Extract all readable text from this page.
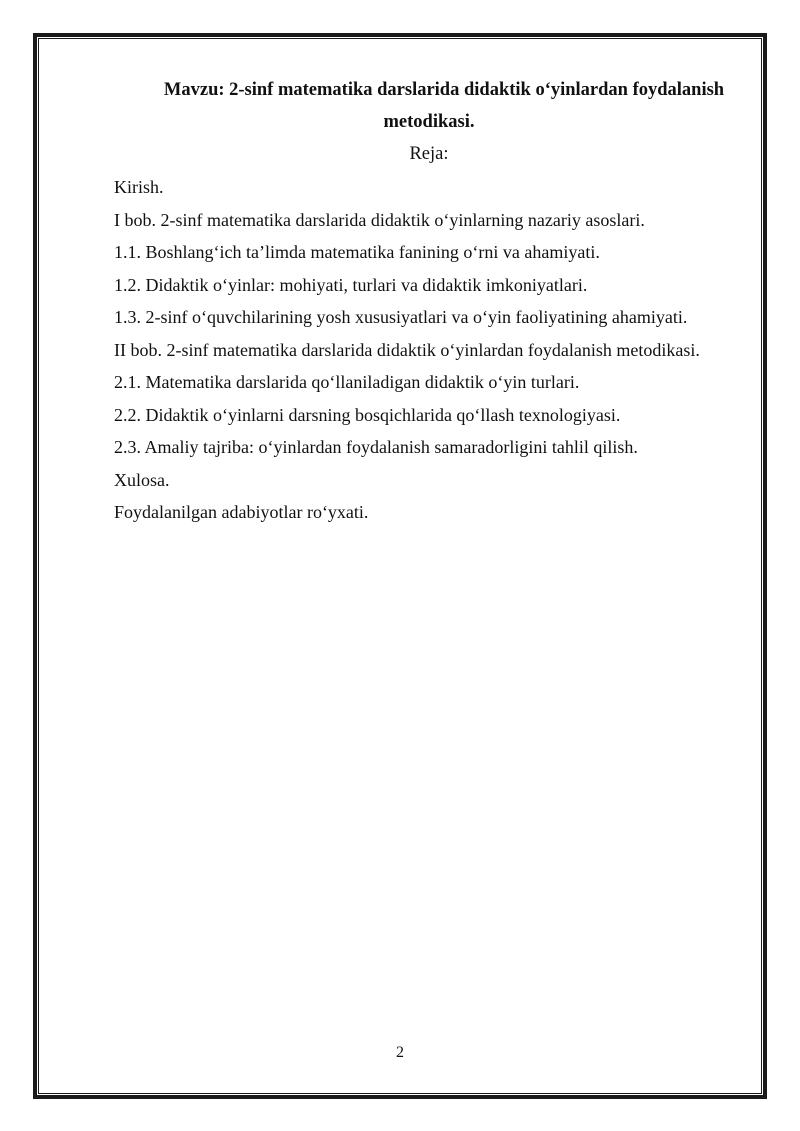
Mavzu: 2-sinf matematika darslarida didaktik o‘yinlardan foydalanish
metodikasi.

Reja:

Kirish.
I bob. 2-sinf matematika darslarida didaktik o‘yinlarning nazariy asoslari.
1.1. Boshlang‘ich ta’limda matematika fanining o‘rni va ahamiyati.
1.2. Didaktik o‘yinlar: mohiyati, turlari va didaktik imkoniyatlari.
1.3. 2-sinf o‘quvchilarining yosh xususiyatlari va o‘yin faoliyatining ahamiyati.
II bob. 2-sinf matematika darslarida didaktik o‘yinlardan foydalanish metodikasi.
2.1. Matematika darslarida qo‘llaniladigan didaktik o‘yin turlari.
2.2. Didaktik o‘yinlarni darsning bosqichlarida qo‘llash texnologiyasi.
2.3. Amaliy tajriba: o‘yinlardan foydalanish samaradorligini tahlil qilish.
Xulosa.
Foydalanilgan adabiyotlar ro‘yxati.
2
